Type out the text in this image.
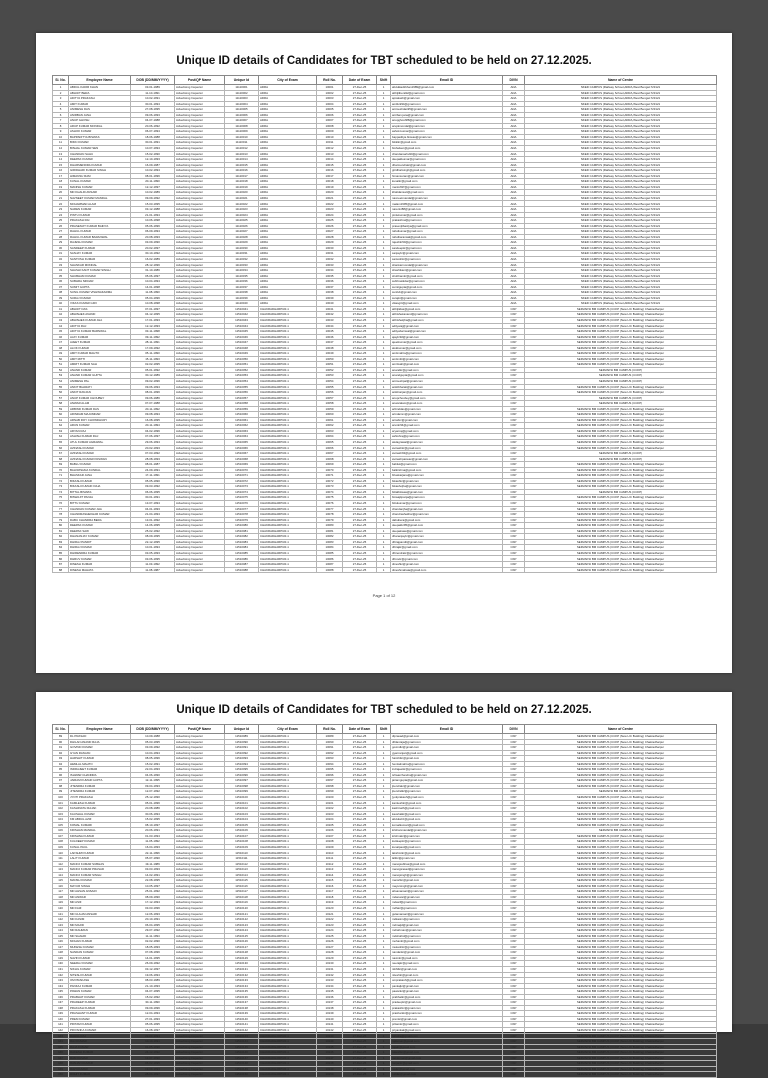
Unique ID details of Candidates for TBT scheduled to be held on 27.12.2025.
Sl. No.	Employee Name	DOB (DD/MM/YYYY)	Post/QP Name	Unique Id	City of Exam	Roll No.	Date of Exam	Shift	Email ID	DIVN	Name of Centre
1	ABDUL KADIR KHAN	03-01-1989	Advertising Inspector	11110001	ADRA	10001	27-Dec-25	1	abdulkadirkhan1989@gmail.com	ADA	NKED CAMPUS (Railway School,ADRA,West Bengal-723121
2	ABHIJIT BERA	11-10-1991	Advertising Inspector	11110002	ADRA	10002	27-Dec-25	1	abhijitbera92@gmail.com	ADA	NKED CAMPUS (Railway School,ADRA,West Bengal-723121
3	ADITYA PRAKASH	10-02-1991	Advertising Inspector	11110003	ADRA	10003	27-Dec-25	1	aprakash@gmail.com	ADA	NKED CAMPUS (Railway School,ADRA,West Bengal-723121
4	AMIT KUMAR	30-01-1994	Advertising Inspector	11110004	ADRA	10004	27-Dec-25	1	amitkrk94@gmail.com	ADA	NKED CAMPUS (Railway School,ADRA,West Bengal-723121
5	ANIMESH DAS	27-08-1995	Advertising Inspector	11110005	ADRA	10005	27-Dec-25	1	animeshdas95@gmail.com	ADA	NKED CAMPUS (Railway School,ADRA,West Bengal-723121
6	ANIRBAN JANA	09-06-1993	Advertising Inspector	11110006	ADRA	10006	27-Dec-25	1	anirban.jana@gmail.com	ADA	NKED CAMPUS (Railway School,ADRA,West Bengal-723121
7	ANUP GHOSH	04-07-1988	Advertising Inspector	11110007	ADRA	10007	27-Dec-25	1	anupghosh88@gmail.com	ADA	NKED CAMPUS (Railway School,ADRA,West Bengal-723121
8	ARUP KUMAR MONDAL	20-06-1992	Advertising Inspector	11110008	ADRA	10008	27-Dec-25	1	arupkmondal@gmail.com	ADA	NKED CAMPUS (Railway School,ADRA,West Bengal-723121
9	ASHOK KUMAR	06-07-1994	Advertising Inspector	11110009	ADRA	10009	27-Dec-25	1	ashok.kumar@gmail.com	ADA	NKED CAMPUS (Railway School,ADRA,West Bengal-723121
10	BAPPADITYA BISWAS	18-06-1988	Advertising Inspector	11110010	ADRA	10010	27-Dec-25	1	bappaditya.biswas@gmail.com	ADA	NKED CAMPUS (Railway School,ADRA,West Bengal-723121
11	BIKKI KUMAR	30-01-1991	Advertising Inspector	11110011	ADRA	10011	27-Dec-25	1	bikkikr@gmail.com	ADA	NKED CAMPUS (Railway School,ADRA,West Bengal-723121
12	BISHAL KUMAR SEN	10-07-1994	Advertising Inspector	11110012	ADRA	10012	27-Dec-25	1	bishalsen@gmail.com	ADA	NKED CAMPUS (Railway School,ADRA,West Bengal-723121
13	CHANDAN SAHU	15-02-1990	Advertising Inspector	11110013	ADRA	10013	27-Dec-25	1	chandansahu90@gmail.com	ADA	NKED CAMPUS (Railway School,ADRA,West Bengal-723121
14	DEEPAK KUMAR	12-10-1993	Advertising Inspector	11110014	ADRA	10014	27-Dec-25	1	deepakkumar@gmail.com	ADA	NKED CAMPUS (Railway School,ADRA,West Bengal-723121
15	DHARMENDRA KUMAR	16-09-1987	Advertising Inspector	11110015	ADRA	10015	27-Dec-25	1	dharmendrakr@gmail.com	ADA	NKED CAMPUS (Railway School,ADRA,West Bengal-723121
16	GIRIDHARI KUMAR SINGH	10-02-1994	Advertising Inspector	11110016	ADRA	10016	27-Dec-25	1	giridharisingh@gmail.com	ADA	NKED CAMPUS (Railway School,ADRA,West Bengal-723121
17	HIMANSU RAM	08-01-1996	Advertising Inspector	11110017	ADRA	10017	27-Dec-25	1	himansuram@gmail.com	ADA	NKED CAMPUS (Railway School,ADRA,West Bengal-723121
18	KUNAL KUMAR	20-11-1990	Advertising Inspector	11110018	ADRA	10018	27-Dec-25	1	kunalkr@gmail.com	ADA	NKED CAMPUS (Railway School,ADRA,West Bengal-723121
19	MANISH KUMAR	12-12-1997	Advertising Inspector	11110019	ADRA	10019	27-Dec-25	1	manish97@gmail.com	ADA	NKED CAMPUS (Railway School,ADRA,West Bengal-723121
20	MD KHALID ANSARI	10-02-1989	Advertising Inspector	11110020	ADRA	10020	27-Dec-25	1	khalidansari@gmail.com	ADA	NKED CAMPUS (Railway School,ADRA,West Bengal-723121
21	NAVNEET KUMAR MANDAL	09-09-1992	Advertising Inspector	11110021	ADRA	10021	27-Dec-25	1	navneetmandal@gmail.com	ADA	NKED CAMPUS (Railway School,ADRA,West Bengal-723121
22	MOHAMMAD ALAM	15-03-1995	Advertising Inspector	11110022	ADRA	10022	27-Dec-25	1	malam1995@gmail.com	ADA	NKED CAMPUS (Railway School,ADRA,West Bengal-723121
23	NAREN KUMAR	03-12-1988	Advertising Inspector	11110023	ADRA	10023	27-Dec-25	1	narenkr88@gmail.com	ADA	NKED CAMPUS (Railway School,ADRA,West Bengal-723121
24	PINTU KUMAR	21-01-1994	Advertising Inspector	11110024	ADRA	10024	27-Dec-25	1	pintukumar@gmail.com	ADA	NKED CAMPUS (Railway School,ADRA,West Bengal-723121
25	PRAKASH RAI	10-06-1998	Advertising Inspector	11110025	ADRA	10025	27-Dec-25	1	prakashrai@gmail.com	ADA	NKED CAMPUS (Railway School,ADRA,West Bengal-723121
26	PRASENJIT KUMAR BAIDYA	05-06-1996	Advertising Inspector	11110026	ADRA	10026	27-Dec-25	1	prasenjitbaidya@gmail.com	ADA	NKED CAMPUS (Railway School,ADRA,West Bengal-723121
27	RAHUL KUMAR	06-09-1994	Advertising Inspector	11110027	ADRA	10027	27-Dec-25	1	rahulkumar@gmail.com	ADA	NKED CAMPUS (Railway School,ADRA,West Bengal-723121
28	RAHUL KUMAR BARANWAL	20-08-1993	Advertising Inspector	11110028	ADRA	10028	27-Dec-25	1	rahulbaranwal@gmail.com	ADA	NKED CAMPUS (Railway School,ADRA,West Bengal-723121
29	RAJESH KUMAR	03-09-1990	Advertising Inspector	11110029	ADRA	10029	27-Dec-25	1	rajeshkr90@gmail.com	ADA	NKED CAMPUS (Railway School,ADRA,West Bengal-723121
30	SANDEEP KUMAR	20-02-1997	Advertising Inspector	11110030	ADRA	10030	27-Dec-25	1	sandeepkr@gmail.com	ADA	NKED CAMPUS (Railway School,ADRA,West Bengal-723121
31	SANJAY KUMAR	30-10-1992	Advertising Inspector	11110031	ADRA	10031	27-Dec-25	1	sanjaykr@gmail.com	ADA	NKED CAMPUS (Railway School,ADRA,West Bengal-723121
32	SANTOSH KUMAR	16-02-1989	Advertising Inspector	11110032	ADRA	10032	27-Dec-25	1	santoshkr@gmail.com	ADA	NKED CAMPUS (Railway School,ADRA,West Bengal-723121
33	SHANKAR MONDAL	28-12-1996	Advertising Inspector	11110033	ADRA	10033	27-Dec-25	1	shankarmondal@gmail.com	ADA	NKED CAMPUS (Railway School,ADRA,West Bengal-723121
34	SHASHI KANT KUMAR SINGH	31-10-1986	Advertising Inspector	11110034	ADRA	10034	27-Dec-25	1	shashikant@gmail.com	ADA	NKED CAMPUS (Railway School,ADRA,West Bengal-723121
35	SHUBHAM KUMAR	05-06-1997	Advertising Inspector	11110035	ADRA	10035	27-Dec-25	1	shubhamkr@gmail.com	ADA	NKED CAMPUS (Railway School,ADRA,West Bengal-723121
36	SUBHRA SIKDAR	10-04-1994	Advertising Inspector	11110036	ADRA	10036	27-Dec-25	1	subhrasikdar@gmail.com	ADA	NKED CAMPUS (Railway School,ADRA,West Bengal-723121
37	SUMIT GUPTA	14-01-1998	Advertising Inspector	11110037	ADRA	10037	27-Dec-25	1	sumitgupta@gmail.com	ADA	NKED CAMPUS (Railway School,ADRA,West Bengal-723121
38	SUNIL KUMAR VISHWAKARMA	11-08-1990	Advertising Inspector	11110038	ADRA	10038	27-Dec-25	1	sunilvk@gmail.com	ADA	NKED CAMPUS (Railway School,ADRA,West Bengal-723121
39	SURAJ KUMAR	05-04-1996	Advertising Inspector	11110039	ADRA	10039	27-Dec-25	1	surajkr@gmail.com	ADA	NKED CAMPUS (Railway School,ADRA,West Bengal-723121
40	VIKAS KUMAR GIRI	10-08-1998	Advertising Inspector	11110040	ADRA	10040	27-Dec-25	1	vikasgiri@gmail.com	ADA	NKED CAMPUS (Railway School,ADRA,West Bengal-723121
41	ABHIJIT DAS	07-01-1997	Advertising Inspector	11510041	CHAKRADHARPUR-1	10041	27-Dec-25	1	abhijitdas@gmail.com	CKP	SERVAKSI BM CAMPUS (CCKP (New LIC Building) Chakradharpur
42	ABHISHEK ANAND	04-12-1995	Advertising Inspector	11510042	CHAKRADHARPUR-1	10042	27-Dec-25	1	abhishekanand@gmail.com	CKP	SERVAKSI BM CAMPUS (CCKP (New LIC Building) Chakradharpur
43	ABHISHEK KUMAR JHA	17-01-1993	Advertising Inspector	11510043	CHAKRADHARPUR-1	10043	27-Dec-25	1	abhishekjha@gmail.com	CKP	SERVAKSI BM CAMPUS (CCKP (New LIC Building) Chakradharpur
44	ADITYA RAJ	12-12-1993	Advertising Inspector	11510044	CHAKRADHARPUR-1	10044	27-Dec-25	1	adityaraj@gmail.com	CKP	SERVAKSI BM CAMPUS (CCKP (New LIC Building) Chakradharpur
45	ADITYA KUMAR BARNWAL	03-11-1998	Advertising Inspector	11510045	CHAKRADHARPUR-1	10045	27-Dec-25	1	adityabarnwal@gmail.com	CKP	SERVAKSI BM CAMPUS (CCKP (New LIC Building) Chakradharpur
46	AJAY KUMAR	09-11-1992	Advertising Inspector	11510046	CHAKRADHARPUR-1	10046	27-Dec-25	1	ajaykr92@gmail.com	CKP	SERVAKSI BM CAMPUS (CCKP (New LIC Building) Chakradharpur
47	AJEET KUMAR	28-11-1991	Advertising Inspector	11510047	CHAKRADHARPUR-1	10047	27-Dec-25	1	ajeetkumar@gmail.com	CKP	SERVAKSI BM CAMPUS (CCKP (New LIC Building) Chakradharpur
48	ALOK KUMAR	17-09-1992	Advertising Inspector	11510048	CHAKRADHARPUR-1	10048	27-Dec-25	1	alokkumar@gmail.com	CKP	SERVAKSI BM CAMPUS (CCKP (New LIC Building) Chakradharpur
49	AMIT KUMAR MAHTO	05-11-1990	Advertising Inspector	11510049	CHAKRADHARPUR-1	10049	27-Dec-25	1	amitmahto@gmail.com	CKP	SERVAKSI BM CAMPUS (CCKP (New LIC Building) Chakradharpur
50	AMIT MITTI	15-11-1993	Advertising Inspector	11510050	CHAKRADHARPUR-1	10050	27-Dec-25	1	amitmitti@gmail.com	CKP	SERVAKSI BM CAMPUS (CCKP (New LIC Building) Chakradharpur
51	AMRIT KUMAR SAH	02-02-1995	Advertising Inspector	11510051	CHAKRADHARPUR-1	10051	27-Dec-25	1	amritsah@gmail.com	CKP	SERVAKSI BM CAMPUS (CCKP (New LIC Building) Chakradharpur
52	ANAND KUMAR	05-01-1992	Advertising Inspector	11510052	CHAKRADHARPUR-1	10052	27-Dec-25	1	anandkr@gmail.com	CKP	SERVAKSI BM CAMPUS (CCKP)
53	ANAND KUMAR GUPTA	30-12-1989	Advertising Inspector	11510053	CHAKRADHARPUR-1	10053	27-Dec-25	1	anandgupta@gmail.com	CKP	SERVAKSI BM CAMPUS (CCKP)
54	ANIMESH PAL	09-02-1996	Advertising Inspector	11510054	CHAKRADHARPUR-1	10054	27-Dec-25	1	animeshpal@gmail.com	CKP	SERVAKSI BM CAMPUS (CCKP)
55	ANKIT BHARATI	09-06-1994	Advertising Inspector	11510055	CHAKRADHARPUR-1	10055	27-Dec-25	1	ankitbharati@gmail.com	CKP	SERVAKSI BM CAMPUS (CCKP (New LIC Building) Chakradharpur
56	ANKIT RANJAN	08-01-1996	Advertising Inspector	11510056	CHAKRADHARPUR-1	10056	27-Dec-25	1	ankitranjan@gmail.com	CKP	SERVAKSI BM CAMPUS (CCKP (New LIC Building) Chakradharpur
57	ANUP KUMAR CHOUBEY	09-06-1986	Advertising Inspector	11510057	CHAKRADHARPUR-1	10057	27-Dec-25	1	anupchoubey@gmail.com	CKP	SERVAKSI BM CAMPUS (CCKP)
58	ANWAR ALAM	07-07-1988	Advertising Inspector	11510058	CHAKRADHARPUR-1	10058	27-Dec-25	1	anwaralam@gmail.com	CKP	SERVAKSI BM CAMPUS (CCKP)
59	ARBIND KUMAR DAS	20-11-1992	Advertising Inspector	11510059	CHAKRADHARPUR-1	10059	27-Dec-25	1	arbinddas@gmail.com	CKP	SERVAKSI BM CAMPUS (CCKP (New LIC Building) Chakradharpur
60	ARINDAM MAJUMDAR	09-08-1994	Advertising Inspector	11510060	CHAKRADHARPUR-1	10060	27-Dec-25	1	arindamm@gmail.com	CKP	SERVAKSI BM CAMPUS (CCKP (New LIC Building) Chakradharpur
61	ARNAB ROY CHOWDHURY	16-08-1995	Advertising Inspector	11510061	CHAKRADHARPUR-1	10061	27-Dec-25	1	arnabrc@gmail.com	CKP	SERVAKSI BM CAMPUS (CCKP (New LIC Building) Chakradharpur
62	ARUN KUMAR	20-11-1994	Advertising Inspector	11510062	CHAKRADHARPUR-1	10062	27-Dec-25	1	arunkr94@gmail.com	CKP	SERVAKSI BM CAMPUS (CCKP (New LIC Building) Chakradharpur
63	ARYAN RAJ	04-02-1996	Advertising Inspector	11510063	CHAKRADHARPUR-1	10063	27-Dec-25	1	aryanraj@gmail.com	CKP	SERVAKSI BM CAMPUS (CCKP (New LIC Building) Chakradharpur
64	ASHISH KUMAR RAJ	07-06-1997	Advertising Inspector	11510064	CHAKRADHARPUR-1	10064	27-Dec-25	1	ashishraj@gmail.com	CKP	SERVAKSI BM CAMPUS (CCKP (New LIC Building) Chakradharpur
65	ATUL KUMAR AGRAWAL	29-06-1994	Advertising Inspector	11510065	CHAKRADHARPUR-1	10065	27-Dec-25	1	atulagrawal@gmail.com	CKP	SERVAKSI BM CAMPUS (CCKP (New LIC Building) Chakradharpur
66	AVINASH KUMAR	20-02-1993	Advertising Inspector	11510066	CHAKRADHARPUR-1	10066	27-Dec-25	1	avinashkr@gmail.com	CKP	SERVAKSI BM CAMPUS (CCKP (New LIC Building) Chakradharpur
67	AVINASH KUMAR	07-03-1992	Advertising Inspector	11510067	CHAKRADHARPUR-1	10067	27-Dec-25	1	avinash92@gmail.com	CKP	SERVAKSI BM CAMPUS (CCKP)
68	AVINASH KUMAR PASWAN	28-08-1993	Advertising Inspector	11510068	CHAKRADHARPUR-1	10068	27-Dec-25	1	avinashpaswan@gmail.com	CKP	SERVAKSI BM CAMPUS (CCKP)
69	BABLU KUMAR	08-01-1987	Advertising Inspector	11510069	CHAKRADHARPUR-1	10069	27-Dec-25	1	babluk@gmail.com	CKP	SERVAKSI BM CAMPUS (CCKP (New LIC Building) Chakradharpur
70	BALKRISHNA KUNDAL	24-09-1991	Advertising Inspector	11510070	CHAKRADHARPUR-1	10070	27-Dec-25	1	balkrishna@gmail.com	CKP	SERVAKSI BM CAMPUS (CCKP (New LIC Building) Chakradharpur
71	BHASKAR JANA	17-11-1991	Advertising Inspector	11510071	CHAKRADHARPUR-1	10071	27-Dec-25	1	bhaskarjana@gmail.com	CKP	SERVAKSI BM CAMPUS (CCKP (New LIC Building) Chakradharpur
72	BIKASH KUMAR	05-05-1990	Advertising Inspector	11510072	CHAKRADHARPUR-1	10072	27-Dec-25	1	bikashkr@gmail.com	CKP	SERVAKSI BM CAMPUS (CCKP (New LIC Building) Chakradharpur
73	BIKASH KUMAR OJHA	09-03-1992	Advertising Inspector	11510073	CHAKRADHARPUR-1	10073	27-Dec-25	1	bikashojha@gmail.com	CKP	SERVAKSI BM CAMPUS (CCKP (New LIC Building) Chakradharpur
74	BITTAL BISWAS	06-06-1995	Advertising Inspector	11510074	CHAKRADHARPUR-1	10074	27-Dec-25	1	bittalbiswas@gmail.com	CKP	SERVAKSI BM CAMPUS (CCKP)
75	BISWAJIT PANJA	30-01-1991	Advertising Inspector	11510075	CHAKRADHARPUR-1	10075	27-Dec-25	1	biswajitpanja@gmail.com	CKP	SERVAKSI BM CAMPUS (CCKP (New LIC Building) Chakradharpur
76	BITTU KUMAR	13-07-1994	Advertising Inspector	11510076	CHAKRADHARPUR-1	10076	27-Dec-25	1	bittukumar@gmail.com	CKP	SERVAKSI BM CAMPUS (CCKP (New LIC Building) Chakradharpur
77	CHANDAN KUMAR JHA	04-01-1993	Advertising Inspector	11510077	CHAKRADHARPUR-1	10077	27-Dec-25	1	chandanjha@gmail.com	CKP	SERVAKSI BM CAMPUS (CCKP (New LIC Building) Chakradharpur
78	CHANDRASHEKHAR KUMAR	21-04-1994	Advertising Inspector	11510078	CHAKRADHARPUR-1	10078	27-Dec-25	1	chandrashekhar@gmail.com	CKP	SERVAKSI BM CAMPUS (CCKP (New LIC Building) Chakradharpur
79	DABU CHANDRA BERA	13-01-1992	Advertising Inspector	11510079	CHAKRADHARPUR-1	10079	27-Dec-25	1	dabubera@gmail.com	CKP	SERVAKSI BM CAMPUS (CCKP (New LIC Building) Chakradharpur
80	DEEPAK KUMAR	14-06-1995	Advertising Inspector	11510080	CHAKRADHARPUR-1	10080	27-Dec-25	1	deepakkr95@gmail.com	CKP	SERVAKSI BM CAMPUS (CCKP (New LIC Building) Chakradharpur
81	DEEPAK SAW	25-02-1992	Advertising Inspector	11510081	CHAKRADHARPUR-1	10081	27-Dec-25	1	deepaksaw@gmail.com	CKP	SERVAKSI BM CAMPUS (CCKP (New LIC Building) Chakradharpur
82	DHANANJAY KUMAR	08-09-1995	Advertising Inspector	11510082	CHAKRADHARPUR-1	10082	27-Dec-25	1	dhananjaykr@gmail.com	CKP	SERVAKSI BM CAMPUS (CCKP (New LIC Building) Chakradharpur
83	DHIRAJ PANDIT	22-12-1995	Advertising Inspector	11510083	CHAKRADHARPUR-1	10083	27-Dec-25	1	dhirajpandit@gmail.com	CKP	SERVAKSI BM CAMPUS (CCKP (New LIC Building) Chakradharpur
84	DHIRAJ KUMAR	10-01-1994	Advertising Inspector	11510084	CHAKRADHARPUR-1	10084	27-Dec-25	1	dhirajkr@gmail.com	CKP	SERVAKSI BM CAMPUS (CCKP (New LIC Building) Chakradharpur
85	DHIRENDRA KUMAR	03-05-1993	Advertising Inspector	11510085	CHAKRADHARPUR-1	10085	27-Dec-25	1	dhirendrakr@gmail.com	CKP	SERVAKSI BM CAMPUS (CCKP (New LIC Building) Chakradharpur
86	DHRUV KUMAR	03-06-1995	Advertising Inspector	11510086	CHAKRADHARPUR-1	10086	27-Dec-25	1	dhruvkr@gmail.com	CKP	SERVAKSI BM CAMPUS (CCKP (New LIC Building) Chakradharpur
87	DINESH KUMAR	11-03-1992	Advertising Inspector	11510087	CHAKRADHARPUR-1	10087	27-Dec-25	1	dineshkr@gmail.com	CKP	SERVAKSI BM CAMPUS (CCKP (New LIC Building) Chakradharpur
88	DINESH MAHATA	11-08-1987	Advertising Inspector	11510088	CHAKRADHARPUR-1	10088	27-Dec-25	1	dineshmahata@gmail.com	CKP	SERVAKSI BM CAMPUS (CCKP (New LIC Building) Chakradharpur
Page 1 of 12
Unique ID details of Candidates for TBT scheduled to be held on 27.12.2025.
Sl. No.	Employee Name	DOB (DD/MM/YYYY)	Post/QP Name	Unique Id	City of Exam	Roll No.	Date of Exam	Shift	Email ID	DIVN	Name of Centre
89	DL PRASAD	10-09-1988	Advertising Inspector	11510089	CHAKRADHARPUR-1	10089	27-Dec-25	1	dlprasad@gmail.com	CKP	SERVAKSI BM CAMPUS (CCKP (New LIC Building) Chakradharpur
90	DHILAN ANAND RAJA	05-03-1995	Advertising Inspector	11510090	CHAKRADHARPUR-1	10090	27-Dec-25	1	dhilanraja@gmail.com	CKP	SERVAKSI BM CAMPUS (CCKP (New LIC Building) Chakradharpur
91	GOVIND KUMAR	03-09-1992	Advertising Inspector	11510091	CHAKRADHARPUR-1	10091	27-Dec-25	1	govindkr@gmail.com	CKP	SERVAKSI BM CAMPUS (CCKP (New LIC Building) Chakradharpur
92	GYAN RANJAN	10-04-1994	Advertising Inspector	11510092	CHAKRADHARPUR-1	10092	27-Dec-25	1	gyanranjan@gmail.com	CKP	SERVAKSI BM CAMPUS (CCKP (New LIC Building) Chakradharpur
93	HARSHIT KUMAR	08-05-1996	Advertising Inspector	11510093	CHAKRADHARPUR-1	10093	27-Dec-25	1	harshitkr@gmail.com	CKP	SERVAKSI BM CAMPUS (CCKP (New LIC Building) Chakradharpur
94	HEMLAL MAHTO	15-02-1991	Advertising Inspector	11510094	CHAKRADHARPUR-1	10094	27-Dec-25	1	hemlalmahto@gmail.com	CKP	SERVAKSI BM CAMPUS (CCKP (New LIC Building) Chakradharpur
95	INDRAJEET KUMAR	22-04-1993	Advertising Inspector	11510095	CHAKRADHARPUR-1	10095	27-Dec-25	1	indrajeetkr@gmail.com	CKP	SERVAKSI BM CAMPUS (CCKP (New LIC Building) Chakradharpur
96	ISHWAR CHANDRA	04-06-1990	Advertising Inspector	11510096	CHAKRADHARPUR-1	10096	27-Dec-25	1	ishwarchandra@gmail.com	CKP	SERVAKSI BM CAMPUS (CCKP (New LIC Building) Chakradharpur
97	JAIRAM KUMAR GUPTA	12-11-1995	Advertising Inspector	11510097	CHAKRADHARPUR-1	10097	27-Dec-25	1	jairamgupta@gmail.com	CKP	SERVAKSI BM CAMPUS (CCKP (New LIC Building) Chakradharpur
98	JITENDRA KUMAR	09-04-1993	Advertising Inspector	11510098	CHAKRADHARPUR-1	10098	27-Dec-25	1	jitendrakr@gmail.com	CKP	SERVAKSI BM CAMPUS (CCKP (New LIC Building) Chakradharpur
99	JITENDRA KUMAR	12-07-1992	Advertising Inspector	11510099	CHAKRADHARPUR-1	10099	27-Dec-25	1	jitendra92@gmail.com	CKP	SERVAKSI BM CAMPUS (CCKP)
100	JYOTI PRAKASH	25-12-1990	Advertising Inspector	11510100	CHAKRADHARPUR-1	10100	27-Dec-25	1	jyotiprakash@gmail.com	CKP	SERVAKSI BM CAMPUS (CCKP (New LIC Building) Chakradharpur
101	KAMLESH KUMAR	05-01-1996	Advertising Inspector	11510101	CHAKRADHARPUR-1	10101	27-Dec-25	1	kamleshkr@gmail.com	CKP	SERVAKSI BM CAMPUS (CCKP (New LIC Building) Chakradharpur
102	KASHINATH RAJAK	20-08-1986	Advertising Inspector	11510102	CHAKRADHARPUR-1	10102	27-Dec-25	1	kashinath@gmail.com	CKP	SERVAKSI BM CAMPUS (CCKP (New LIC Building) Chakradharpur
103	KAUSHAL KUMAR	30-06-1994	Advertising Inspector	11510103	CHAKRADHARPUR-1	10103	27-Dec-25	1	kaushalkr@gmail.com	CKP	SERVAKSI BM CAMPUS (CCKP (New LIC Building) Chakradharpur
104	KM ABDUL AZIZ	15-02-1995	Advertising Inspector	11510104	CHAKRADHARPUR-1	10104	27-Dec-25	1	abdulaziz@gmail.com	CKP	SERVAKSI BM CAMPUS (CCKP (New LIC Building) Chakradharpur
105	KOMAL KUMARI	08-10-1997	Advertising Inspector	11510105	CHAKRADHARPUR-1	10105	27-Dec-25	1	komalkumari@gmail.com	CKP	SERVAKSI BM CAMPUS (CCKP (New LIC Building) Chakradharpur
106	KRISHAN MANDAL	20-06-1991	Advertising Inspector	11510106	CHAKRADHARPUR-1	10106	27-Dec-25	1	krishanmandal@gmail.com	CKP	SERVAKSI BM CAMPUS (CCKP)
107	KRISHNA KUMAR	01-03-1994	Advertising Inspector	11510107	CHAKRADHARPUR-1	10107	27-Dec-25	1	krishnakr@gmail.com	CKP	SERVAKSI BM CAMPUS (CCKP (New LIC Building) Chakradharpur
108	KULDEEP KUMAR	11-05-1992	Advertising Inspector	11510108	CHAKRADHARPUR-1	10108	27-Dec-25	1	kuldeepkr@gmail.com	CKP	SERVAKSI BM CAMPUS (CCKP (New LIC Building) Chakradharpur
109	KUNAL PAUL	16-04-1993	Advertising Inspector	11510109	CHAKRADHARPUR-1	10109	27-Dec-25	1	kunalpaul@gmail.com	CKP	SERVAKSI BM CAMPUS (CCKP (New LIC Building) Chakradharpur
110	LAKSHMI KUMAR	22-11-1996	Advertising Inspector	11510110	CHAKRADHARPUR-1	10110	27-Dec-25	1	lakshmikr@gmail.com	CKP	SERVAKSI BM CAMPUS (CCKP (New LIC Building) Chakradharpur
111	LALIT KUMAR	05-07-1990	Advertising Inspector	11510111	CHAKRADHARPUR-1	10111	27-Dec-25	1	lalitkr@gmail.com	CKP	SERVAKSI BM CAMPUS (CCKP (New LIC Building) Chakradharpur
112	MANOJ KUMAR SUBHAS	19-11-1989	Advertising Inspector	11510112	CHAKRADHARPUR-1	10112	27-Dec-25	1	manojsubhas@gmail.com	CKP	SERVAKSI BM CAMPUS (CCKP (New LIC Building) Chakradharpur
113	MANOJ KUMAR PRASAD	03-03-1993	Advertising Inspector	11510113	CHAKRADHARPUR-1	10113	27-Dec-25	1	manojprasad@gmail.com	CKP	SERVAKSI BM CAMPUS (CCKP (New LIC Building) Chakradharpur
114	MANOJ KUMAR SINGH	14-02-1991	Advertising Inspector	11510114	CHAKRADHARPUR-1	10114	27-Dec-25	1	manojsingh@gmail.com	CKP	SERVAKSI BM CAMPUS (CCKP (New LIC Building) Chakradharpur
115	MANSH KUMAR	22-08-1995	Advertising Inspector	11510115	CHAKRADHARPUR-1	10115	27-Dec-25	1	manshkr@gmail.com	CKP	SERVAKSI BM CAMPUS (CCKP (New LIC Building) Chakradharpur
116	MAYUR SINGH	10-05-1997	Advertising Inspector	11510116	CHAKRADHARPUR-1	10116	27-Dec-25	1	mayursingh@gmail.com	CKP	SERVAKSI BM CAMPUS (CCKP (New LIC Building) Chakradharpur
117	MD AHSAN ANSARI	25-01-1992	Advertising Inspector	11510117	CHAKRADHARPUR-1	10117	27-Dec-25	1	ahsanansari@gmail.com	CKP	SERVAKSI BM CAMPUS (CCKP (New LIC Building) Chakradharpur
118	MD ANWAR	08-09-1990	Advertising Inspector	11510118	CHAKRADHARPUR-1	10118	27-Dec-25	1	mdanwar@gmail.com	CKP	SERVAKSI BM CAMPUS (CCKP (New LIC Building) Chakradharpur
119	MD ASIF	17-12-1994	Advertising Inspector	11510119	CHAKRADHARPUR-1	10119	27-Dec-25	1	mdasif@gmail.com	CKP	SERVAKSI BM CAMPUS (CCKP (New LIC Building) Chakradharpur
120	MD FAIZ	03-03-1996	Advertising Inspector	11510120	CHAKRADHARPUR-1	10120	27-Dec-25	1	mdfaiz@gmail.com	CKP	SERVAKSI BM CAMPUS (CCKP (New LIC Building) Chakradharpur
121	MD GULAM ANSARI	12-06-1993	Advertising Inspector	11510121	CHAKRADHARPUR-1	10121	27-Dec-25	1	gulamansari@gmail.com	CKP	SERVAKSI BM CAMPUS (CCKP (New LIC Building) Chakradharpur
122	MD KASIM	20-10-1991	Advertising Inspector	11510122	CHAKRADHARPUR-1	10122	27-Dec-25	1	mdkasim@gmail.com	CKP	SERVAKSI BM CAMPUS (CCKP (New LIC Building) Chakradharpur
123	MD MAJID	06-04-1995	Advertising Inspector	11510123	CHAKRADHARPUR-1	10123	27-Dec-25	1	mdmajid@gmail.com	CKP	SERVAKSI BM CAMPUS (CCKP (New LIC Building) Chakradharpur
124	MD RAHMAN	29-07-1992	Advertising Inspector	11510124	CHAKRADHARPUR-1	10124	27-Dec-25	1	mdrahman@gmail.com	CKP	SERVAKSI BM CAMPUS (CCKP (New LIC Building) Chakradharpur
125	MD SHAHID	11-11-1994	Advertising Inspector	11510125	CHAKRADHARPUR-1	10125	27-Dec-25	1	mdshahid@gmail.com	CKP	SERVAKSI BM CAMPUS (CCKP (New LIC Building) Chakradharpur
126	MOHAN KUMAR	02-02-1990	Advertising Inspector	11510126	CHAKRADHARPUR-1	10126	27-Dec-25	1	mohankr@gmail.com	CKP	SERVAKSI BM CAMPUS (CCKP (New LIC Building) Chakradharpur
127	MUKESH KUMAR	18-05-1993	Advertising Inspector	11510127	CHAKRADHARPUR-1	10127	27-Dec-25	1	mukeshkr@gmail.com	CKP	SERVAKSI BM CAMPUS (CCKP (New LIC Building) Chakradharpur
128	NANDAN KUMAR	07-08-1996	Advertising Inspector	11510128	CHAKRADHARPUR-1	10128	27-Dec-25	1	nandankr@gmail.com	CKP	SERVAKSI BM CAMPUS (CCKP (New LIC Building) Chakradharpur
129	NAVIN KUMAR	14-01-1995	Advertising Inspector	11510129	CHAKRADHARPUR-1	10129	27-Dec-25	1	navinkr@gmail.com	CKP	SERVAKSI BM CAMPUS (CCKP (New LIC Building) Chakradharpur
130	NEERAJ KUMAR	26-09-1992	Advertising Inspector	11510130	CHAKRADHARPUR-1	10130	27-Dec-25	1	neerajkr@gmail.com	CKP	SERVAKSI BM CAMPUS (CCKP (New LIC Building) Chakradharpur
131	NIKHIL KUMAR	03-12-1997	Advertising Inspector	11510131	CHAKRADHARPUR-1	10131	27-Dec-25	1	nikhilkr@gmail.com	CKP	SERVAKSI BM CAMPUS (CCKP (New LIC Building) Chakradharpur
132	NITESH KUMAR	19-06-1994	Advertising Inspector	11510132	CHAKRADHARPUR-1	10132	27-Dec-25	1	niteshkr@gmail.com	CKP	SERVAKSI BM CAMPUS (CCKP (New LIC Building) Chakradharpur
133	OM PRAKASH	08-03-1989	Advertising Inspector	11510133	CHAKRADHARPUR-1	10133	27-Dec-25	1	omprakash@gmail.com	CKP	SERVAKSI BM CAMPUS (CCKP (New LIC Building) Chakradharpur
134	PANKAJ KUMAR	21-10-1993	Advertising Inspector	11510134	CHAKRADHARPUR-1	10134	27-Dec-25	1	pankajkr@gmail.com	CKP	SERVAKSI BM CAMPUS (CCKP (New LIC Building) Chakradharpur
135	PAWAN KUMAR	04-07-1995	Advertising Inspector	11510135	CHAKRADHARPUR-1	10135	27-Dec-25	1	pawankr@gmail.com	CKP	SERVAKSI BM CAMPUS (CCKP (New LIC Building) Chakradharpur
136	PRABHAT KUMAR	15-02-1992	Advertising Inspector	11510136	CHAKRADHARPUR-1	10136	27-Dec-25	1	prabhatkr@gmail.com	CKP	SERVAKSI BM CAMPUS (CCKP (New LIC Building) Chakradharpur
137	PRADEEP KUMAR	30-11-1990	Advertising Inspector	11510137	CHAKRADHARPUR-1	10137	27-Dec-25	1	pradeepkr@gmail.com	CKP	SERVAKSI BM CAMPUS (CCKP (New LIC Building) Chakradharpur
138	PRAKASH KUMAR	09-09-1996	Advertising Inspector	11510138	CHAKRADHARPUR-1	10138	27-Dec-25	1	prakashkr@gmail.com	CKP	SERVAKSI BM CAMPUS (CCKP (New LIC Building) Chakradharpur
139	PRASHANT KUMAR	12-04-1994	Advertising Inspector	11510139	CHAKRADHARPUR-1	10139	27-Dec-25	1	prashantkr@gmail.com	CKP	SERVAKSI BM CAMPUS (CCKP (New LIC Building) Chakradharpur
140	PREM KUMAR	27-01-1993	Advertising Inspector	11510140	CHAKRADHARPUR-1	10140	27-Dec-25	1	premkr@gmail.com	CKP	SERVAKSI BM CAMPUS (CCKP (New LIC Building) Chakradharpur
141	PRITAM KUMAR	05-06-1995	Advertising Inspector	11510141	CHAKRADHARPUR-1	10141	27-Dec-25	1	pritamkr@gmail.com	CKP	SERVAKSI BM CAMPUS (CCKP (New LIC Building) Chakradharpur
142	PRIYANKA KUMARI	16-08-1997	Advertising Inspector	11510142	CHAKRADHARPUR-1	10142	27-Dec-25	1	priyankak@gmail.com	CKP	SERVAKSI BM CAMPUS (CCKP (New LIC Building) Chakradharpur
143	RAHUL RAJ	22-03-1994	Advertising Inspector	11510143	CHAKRADHARPUR-1	10143	27-Dec-25	1	rahulraj@gmail.com	CKP	SERVAKSI BM CAMPUS (CCKP (New LIC Building) Chakradharpur
144	RAJ KUMAR	10-10-1991	Advertising Inspector	11510144	CHAKRADHARPUR-1	10144	27-Dec-25	1	rajkumar@gmail.com	CKP	SERVAKSI BM CAMPUS (CCKP (New LIC Building) Chakradharpur
145	RAJA KUMAR	01-05-1996	Advertising Inspector	11510145	CHAKRADHARPUR-1	10145	27-Dec-25	1	rajakr@gmail.com	CKP	SERVAKSI BM CAMPUS (CCKP (New LIC Building) Chakradharpur
146	RAKESH KUMAR	24-12-1992	Advertising Inspector	11510146	CHAKRADHARPUR-1	10146	27-Dec-25	1	rakeshkr@gmail.com	CKP	SERVAKSI BM CAMPUS (CCKP (New LIC Building) Chakradharpur
147	RAM KUMAR	13-07-1990	Advertising Inspector	11510147	CHAKRADHARPUR-1	10147	27-Dec-25	1	ramkumar@gmail.com	CKP	SERVAKSI BM CAMPUS (CCKP (New LIC Building) Chakradharpur
148	RANJAN KUMAR	06-02-1995	Advertising Inspector	11510148	CHAKRADHARPUR-1	10148	27-Dec-25	1	ranjankr@gmail.com	CKP	SERVAKSI BM CAMPUS (CCKP (New LIC Building) Chakradharpur
149	RAVI KUMAR	19-09-1993	Advertising Inspector	11510149	CHAKRADHARPUR-1	10149	27-Dec-25	1	ravikr@gmail.com	CKP	SERVAKSI BM CAMPUS (CCKP (New LIC Building) Chakradharpur
150	ROHIT KUMAR	28-04-1997	Advertising Inspector	11510150	CHAKRADHARPUR-1	10150	27-Dec-25	1	rohitkr@gmail.com	CKP	SERVAKSI BM CAMPUS (CCKP (New LIC Building) Chakradharpur
